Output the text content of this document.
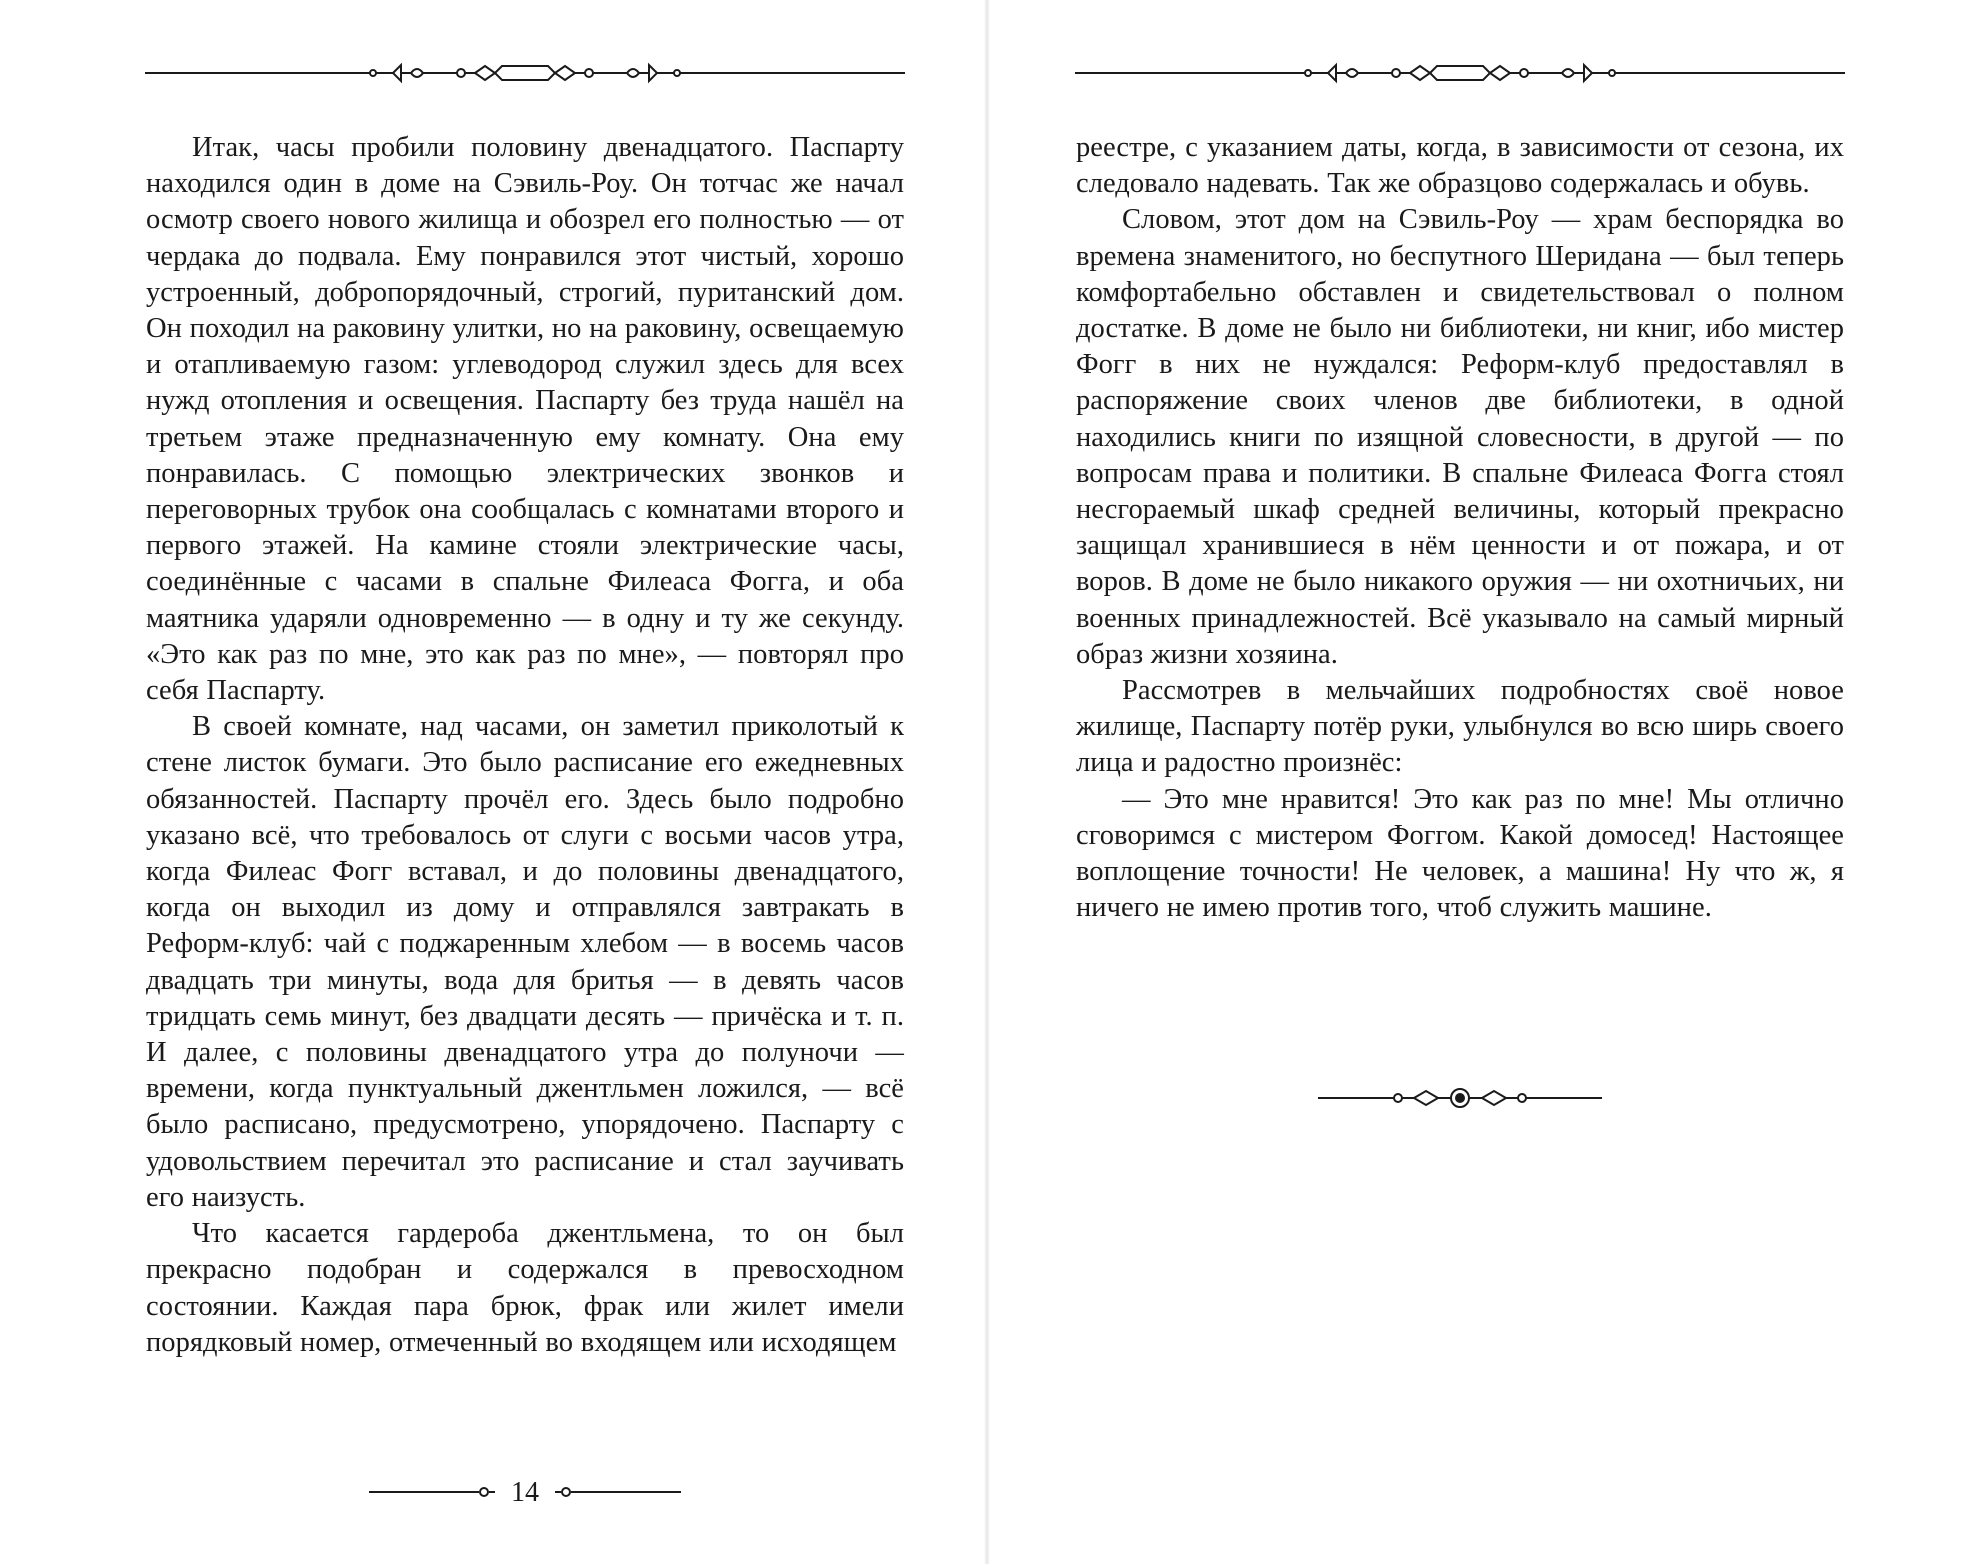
Итак, часы пробили половину двенадцатого. Паспарту находился один в доме на Сэвиль-Роу. Он тотчас же начал осмотр своего нового жилища и обозрел его полностью — от чердака до подвала. Ему понравился этот чистый, хорошо устроенный, добропорядочный, строгий, пуританский дом. Он походил на раковину улитки, но на раковину, освещаемую и отапливаемую газом: углеводород служил здесь для всех нужд отопления и освещения. Паспарту без труда нашёл на третьем этаже предназначенную ему комнату. Она ему понравилась. С помощью электрических звонков и переговорных трубок она сообщалась с комнатами второго и первого этажей. На камине стояли электрические часы, соединённые с часами в спальне Филеаса Фогга, и оба маятника ударяли одновременно — в одну и ту же секунду. «Это как раз по мне, это как раз по мне», — повторял про себя Паспарту.

В своей комнате, над часами, он заметил приколотый к стене листок бумаги. Это было расписание его ежедневных обязанностей. Паспарту прочёл его. Здесь было подробно указано всё, что требовалось от слуги с восьми часов утра, когда Филеас Фогг вставал, и до половины двенадцатого, когда он выходил из дому и отправлялся завтракать в Реформ-клуб: чай с поджаренным хлебом — в восемь часов двадцать три минуты, вода для бритья — в девять часов тридцать семь минут, без двадцати десять — причёска и т. п. И далее, с половины двенадцатого утра до полуночи — времени, когда пунктуальный джентльмен ложился, — всё было расписано, предусмотрено, упорядочено. Паспарту с удовольствием перечитал это расписание и стал заучивать его наизусть.

Что касается гардероба джентльмена, то он был прекрасно подобран и содержался в превосходном состоянии. Каждая пара брюк, фрак или жилет имели порядковый номер, отмеченный во входящем или исходящем

реестре, с указанием даты, когда, в зависимости от сезона, их следовало надевать. Так же образцово содержалась и обувь.

Словом, этот дом на Сэвиль-Роу — храм беспорядка во времена знаменитого, но беспутного Шеридана — был теперь комфортабельно обставлен и свидетельствовал о полном достатке. В доме не было ни библиотеки, ни книг, ибо мистер Фогг в них не нуждался: Реформ-клуб предоставлял в распоряжение своих членов две библиотеки, в одной находились книги по изящной словесности, в другой — по вопросам права и политики. В спальне Филеаса Фогга стоял несгораемый шкаф средней величины, который прекрасно защищал хранившиеся в нём ценности и от пожара, и от воров. В доме не было никакого оружия — ни охотничьих, ни военных принадлежностей. Всё указывало на самый мирный образ жизни хозяина.

Рассмотрев в мельчайших подробностях своё новое жилище, Паспарту потёр руки, улыбнулся во всю ширь своего лица и радостно произнёс:

— Это мне нравится! Это как раз по мне! Мы отлично сговоримся с мистером Фоггом. Какой домосед! Настоящее воплощение точности! Не человек, а машина! Ну что ж, я ничего не имею против того, чтоб служить машине.

14
